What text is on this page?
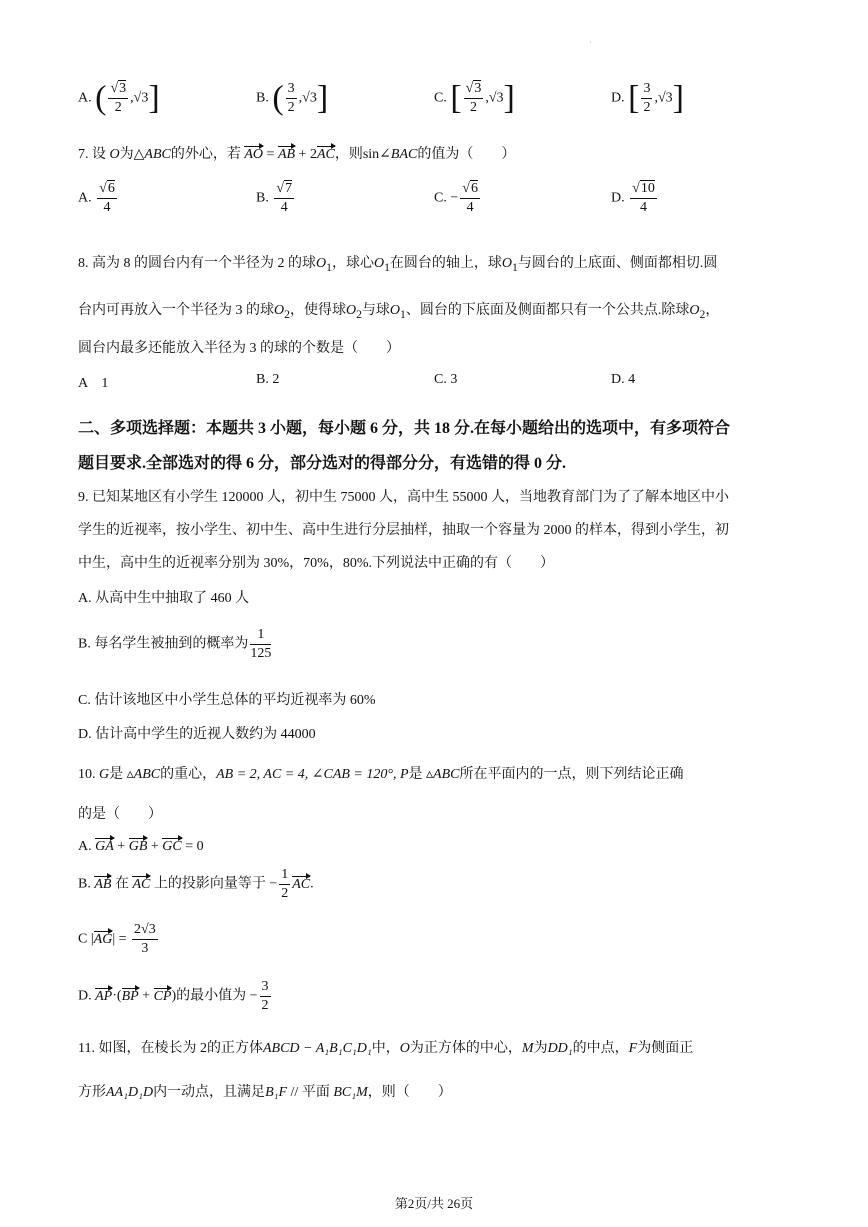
·
A. ( $\frac{√3}{2} ,√3$]	B. ( $\frac{3}{2} ,√3$]	C. [ $\frac{√3}{2} ,√3$]	D. [ $\frac{3}{2} ,√3$]
7. 设 O为△ABC的外心，若 AO = AB + 2AC，则sin∠BAC的值为（　　）
A. $\frac{√6}{4}$	B. $\frac{√7}{4}$	C. − $\frac{√6}{4}$	D. $\frac{√10}{4}$
8. 高为 8 的圆台内有一个半径为 2 的球$O_1$，球心$O_1$在圆台的轴上，球$O_1$与圆台的上底面、侧面都相切.圆
台内可再放入一个半径为 3 的球$O_2$，使得球$O_2$与球$O_1$、圆台的下底面及侧面都只有一个公共点.除球$O_2$，
圆台内最多还能放入半径为 3 的球的个数是（　　）
A　1	B. 2	C. 3	D. 4
二、多项选择题：本题共 3 小题，每小题 6 分，共 18 分.在每小题给出的选项中，有多项符合
题目要求.全部选对的得 6 分，部分选对的得部分分，有选错的得 0 分.
9. 已知某地区有小学生 120000 人，初中生 75000 人，高中生 55000 人，当地教育部门为了了解本地区中小
学生的近视率，按小学生、初中生、高中生进行分层抽样，抽取一个容量为 2000 的样本，得到小学生，初
中生，高中生的近视率分别为 30%，70%，80%.下列说法中正确的有（　　）
A. 从高中生中抽取了 460 人
B. 每名学生被抽到的概率为 $\frac{1}{125}$
C. 估计该地区中小学生总体的平均近视率为 60%
D. 估计高中学生的近视人数约为 44000
10. G是 ▵ABC的重心，AB = 2, AC = 4, ∠CAB = 120°, P是 ▵ABC所在平面内的一点，则下列结论正确
的是（　　）
A. GA + GB + GC = 0
B. AB 在 AC 上的投影向量等于 − $\frac{1}{2}$ AC.
C $|AG| = \frac{2√3}{3}$
D. AP·(BP + CP)的最小值为 − $\frac{3}{2}$
11. 如图，在棱长为 2的正方体ABCD − A₁B₁C₁D₁中，O为正方体的中心，M为DD₁的中点，F为侧面正
方形AA₁D₁D内一动点，且满足B₁F // 平面 BC₁M，则（　　）
第2页/共 26页
